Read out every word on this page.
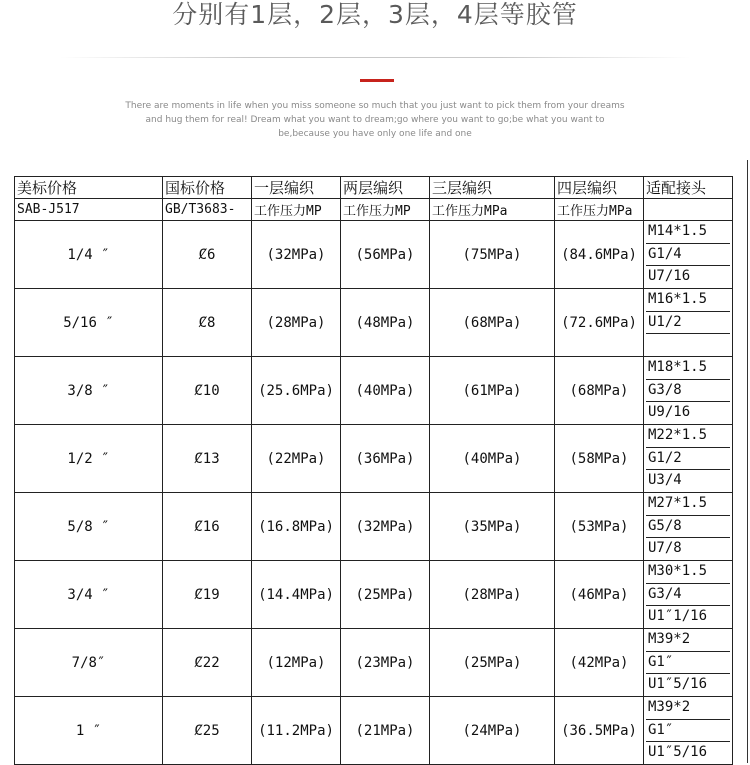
分别有1层，2层，3层，4层等胶管
There are moments in life when you miss someone so much that you just want to pick them from your dreams and hug them for real! Dream what you want to dream;go where you want to go;be what you want to be,because you have only one life and one
美标价格	国标价格	一层编织	两层编织	三层编织	四层编织	适配接头
SAB-J517	GB/T3683-	工作压力MP	工作压力MP	工作压力MPa	工作压力MPa	
1/4 ″	Ȼ6	(32MPa)	(56MPa)	(75MPa)	(84.6MPa)	M14*1.5
G1/4
U7/16

5/16 ″	Ȼ8	(28MPa)	(48MPa)	(68MPa)	(72.6MPa)	M16*1.5
U1/2

3/8 ″	Ȼ10	(25.6MPa)	(40MPa)	(61MPa)	(68MPa)	M18*1.5
G3/8
U9/16

1/2 ″	Ȼ13	(22MPa)	(36MPa)	(40MPa)	(58MPa)	M22*1.5
G1/2
U3/4

5/8 ″	Ȼ16	(16.8MPa)	(32MPa)	(35MPa)	(53MPa)	M27*1.5
G5/8
U7/8

3/4 ″	Ȼ19	(14.4MPa)	(25MPa)	(28MPa)	(46MPa)	M30*1.5
G3/4
U1″1/16

7/8″	Ȼ22	(12MPa)	(23MPa)	(25MPa)	(42MPa)	M39*2
G1″
U1″5/16

1 ″	Ȼ25	(11.2MPa)	(21MPa)	(24MPa)	(36.5MPa)	M39*2
G1″
U1″5/16
